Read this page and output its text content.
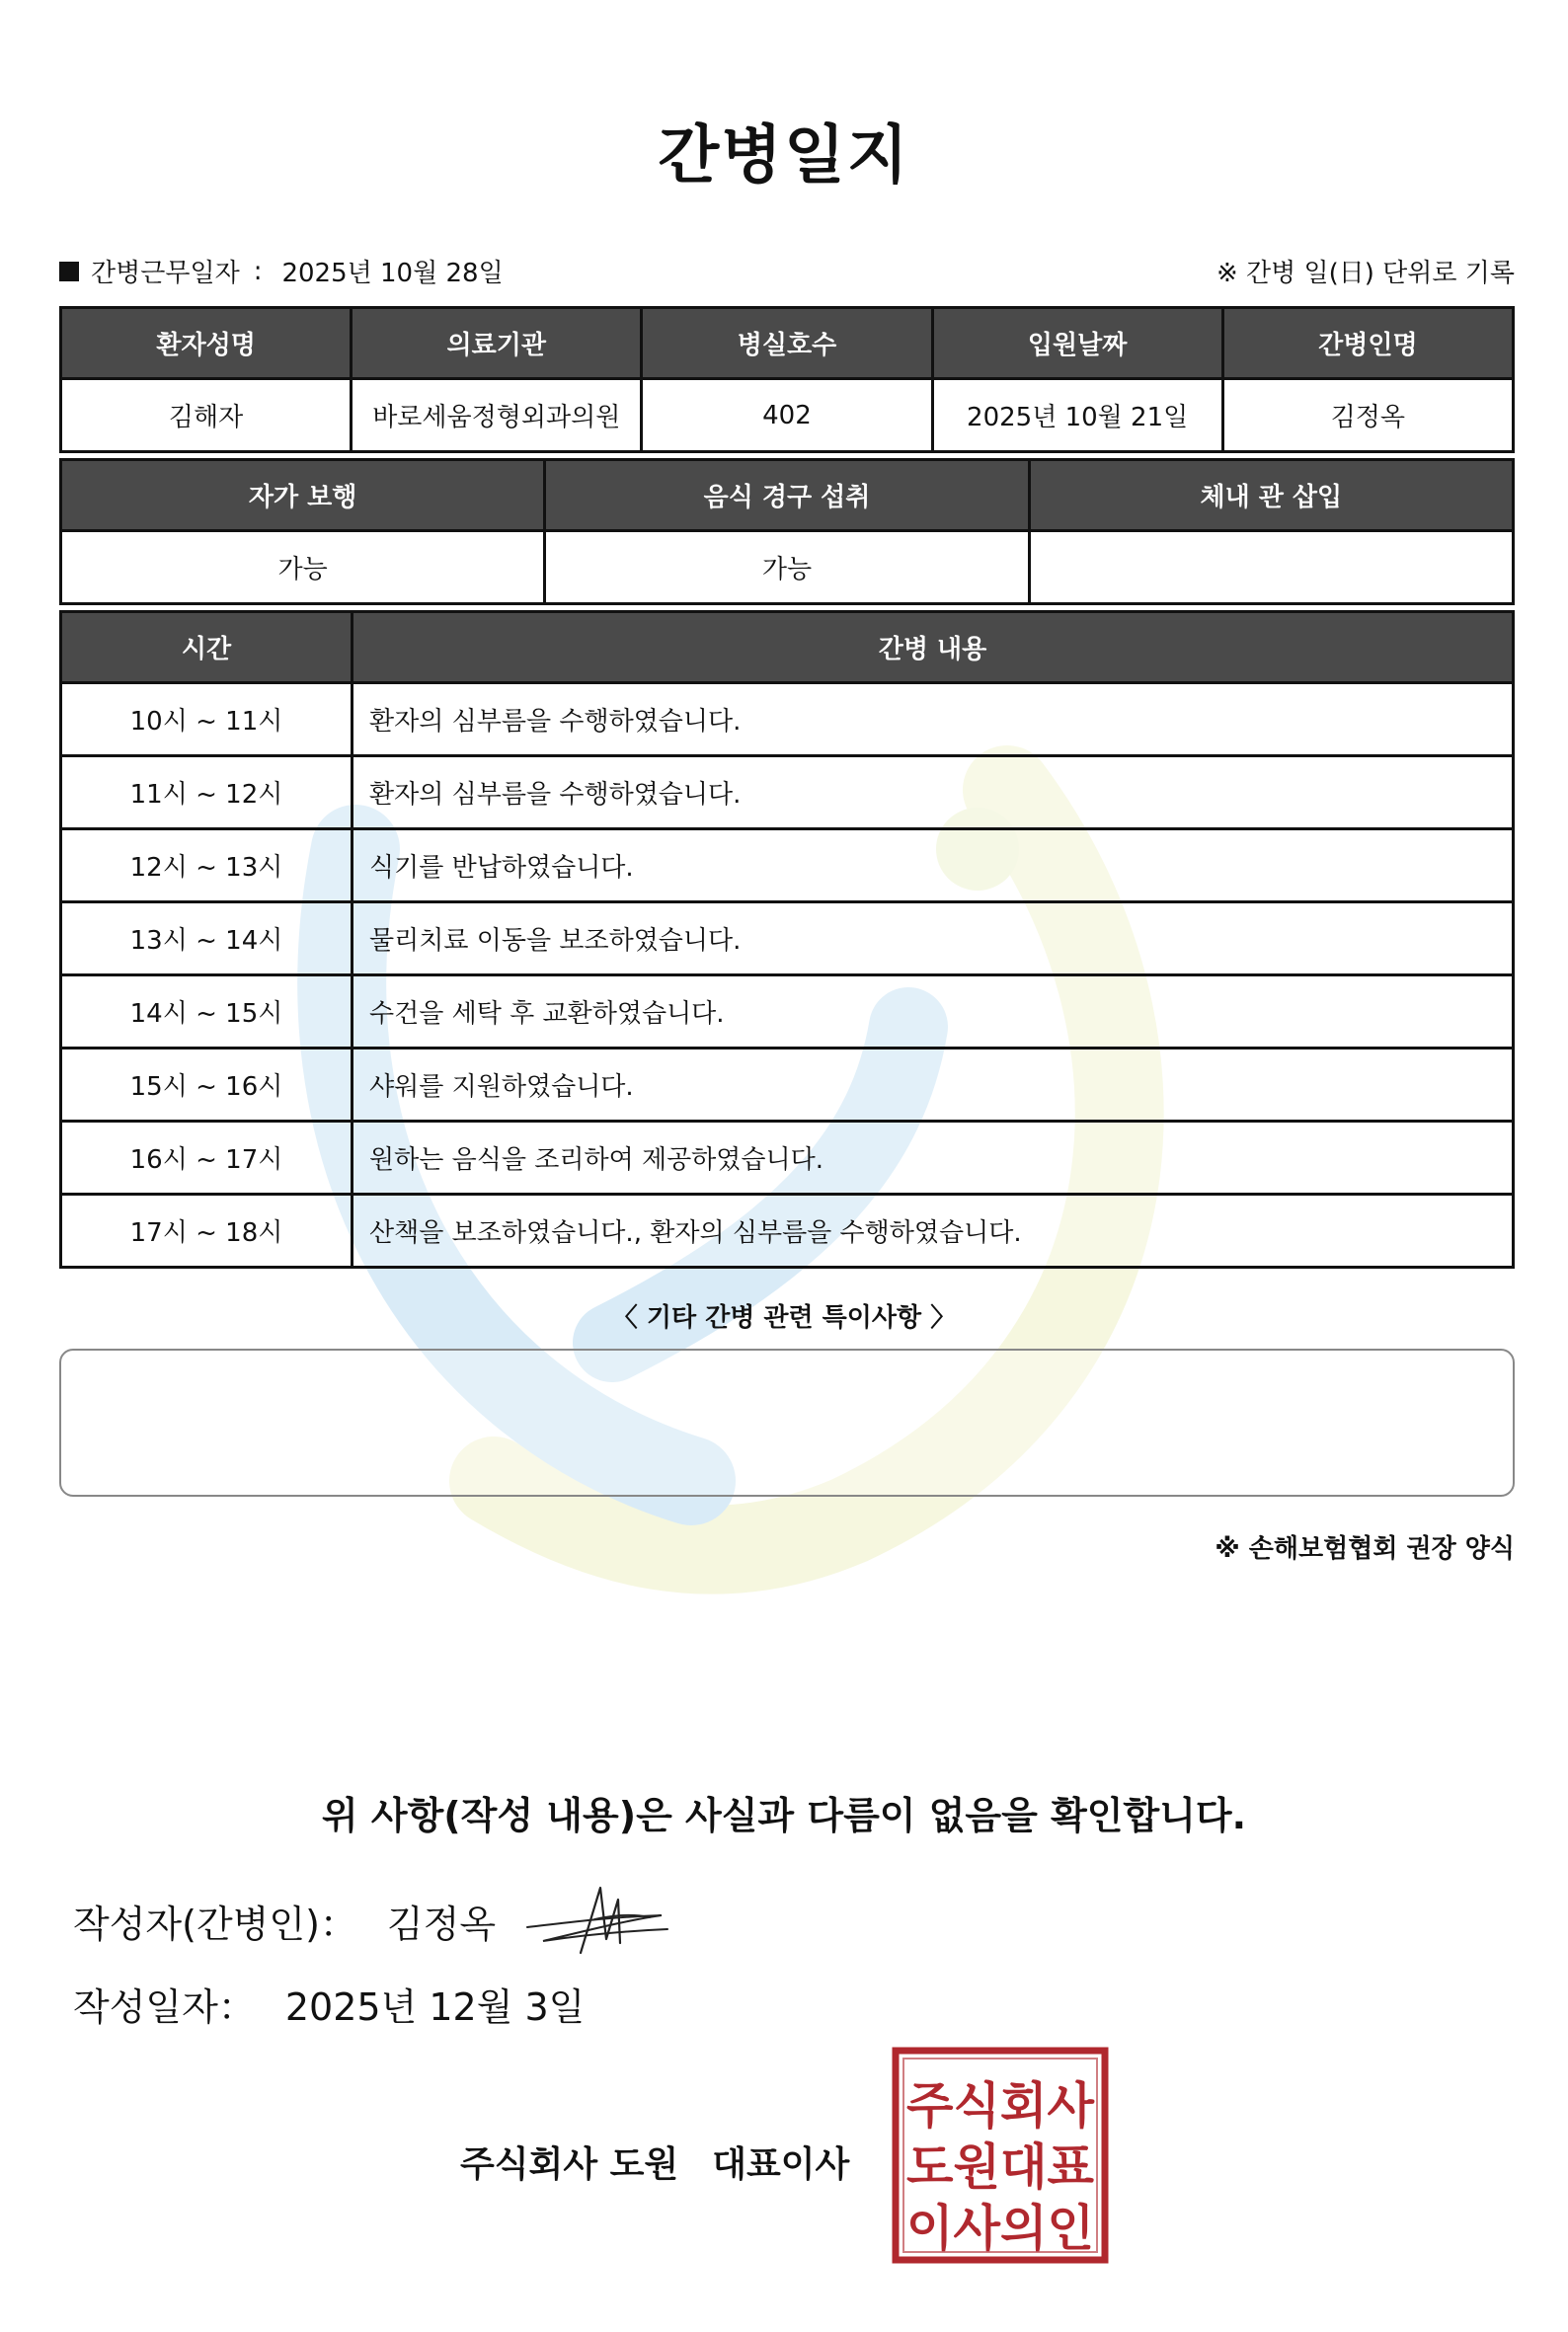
간병일지
간병근무일자 : 2025년 10월 28일	※ 간병 일(日) 단위로 기록
환자성명	의료기관	병실호수	입원날짜	간병인명
김해자	바로세움정형외과의원	402	2025년 10월 21일	김정옥
자가 보행	음식 경구 섭취	체내 관 삽입
가능	가능	
시간	간병 내용
10시 ~ 11시	환자의 심부름을 수행하였습니다.
11시 ~ 12시	환자의 심부름을 수행하였습니다.
12시 ~ 13시	식기를 반납하였습니다.
13시 ~ 14시	물리치료 이동을 보조하였습니다.
14시 ~ 15시	수건을 세탁 후 교환하였습니다.
15시 ~ 16시	샤워를 지원하였습니다.
16시 ~ 17시	원하는 음식을 조리하여 제공하였습니다.
17시 ~ 18시	산책을 보조하였습니다., 환자의 심부름을 수행하였습니다.
〈 기타 간병 관련 특이사항 〉
※ 손해보험협회 권장 양식
위 사항(작성 내용)은 사실과 다름이 없음을 확인합니다.
작성자(간병인)： 김정옥
작성일자： 2025년 12월 3일
주식회사 도원 대표이사
주식회사
도원대표
이사의인
